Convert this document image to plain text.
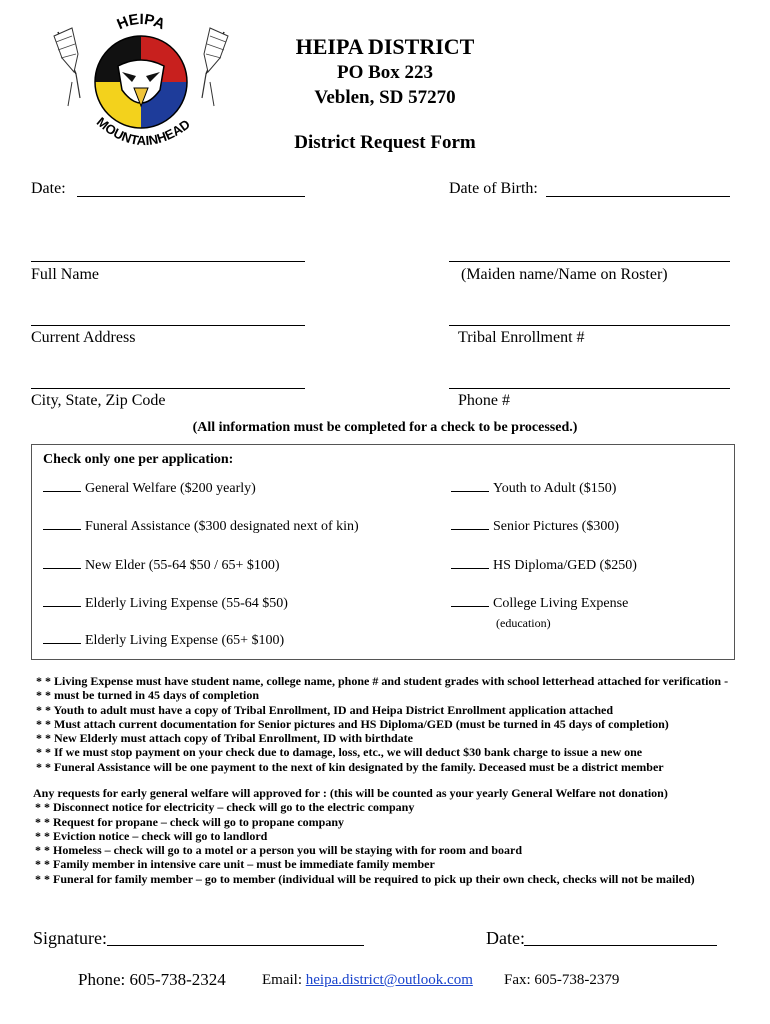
HEIPA
MOUNTAINHEAD
HEIPA DISTRICT
PO Box 223
Veblen, SD 57270
District Request Form
Date:	Date of Birth:
Full Name	(Maiden name/Name on Roster)
Current Address	Tribal Enrollment #
City, State, Zip Code	Phone #
(All information must be completed for a check to be processed.)
Check only one per application:
General Welfare ($200 yearly)	Youth to Adult ($150)
Funeral Assistance ($300 designated next of kin)	Senior Pictures ($300)
New Elder (55-64 $50 / 65+ $100)	HS Diploma/GED ($250)
Elderly Living Expense (55-64 $50)	College Living Expense
(education)
Elderly Living Expense (65+ $100)
* * Living Expense must have student name, college name, phone # and student grades with school letterhead attached for verification -
* * must be turned in 45 days of completion
* * Youth to adult must have a copy of Tribal Enrollment, ID and Heipa District Enrollment application attached
* * Must attach current documentation for Senior pictures and HS Diploma/GED (must be turned in 45 days of completion)
* * New Elderly must attach copy of Tribal Enrollment, ID with birthdate
* * If we must stop payment on your check due to damage, loss, etc., we will deduct $30 bank charge to issue a new one
* * Funeral Assistance will be one payment to the next of kin designated by the family. Deceased must be a district member
Any requests for early general welfare will approved for : (this will be counted as your yearly General Welfare not donation)
* * Disconnect notice for electricity – check will go to the electric company
* * Request for propane – check will go to propane company
* * Eviction notice – check will go to landlord
* * Homeless – check will go to a motel or a person you will be staying with for room and board
* * Family member in intensive care unit – must be immediate family member
* * Funeral for family member – go to member (individual will be required to pick up their own check, checks will not be mailed)
Signature:	Date:
Phone: 605-738-2324 Email: heipa.district@outlook.com Fax: 605-738-2379
